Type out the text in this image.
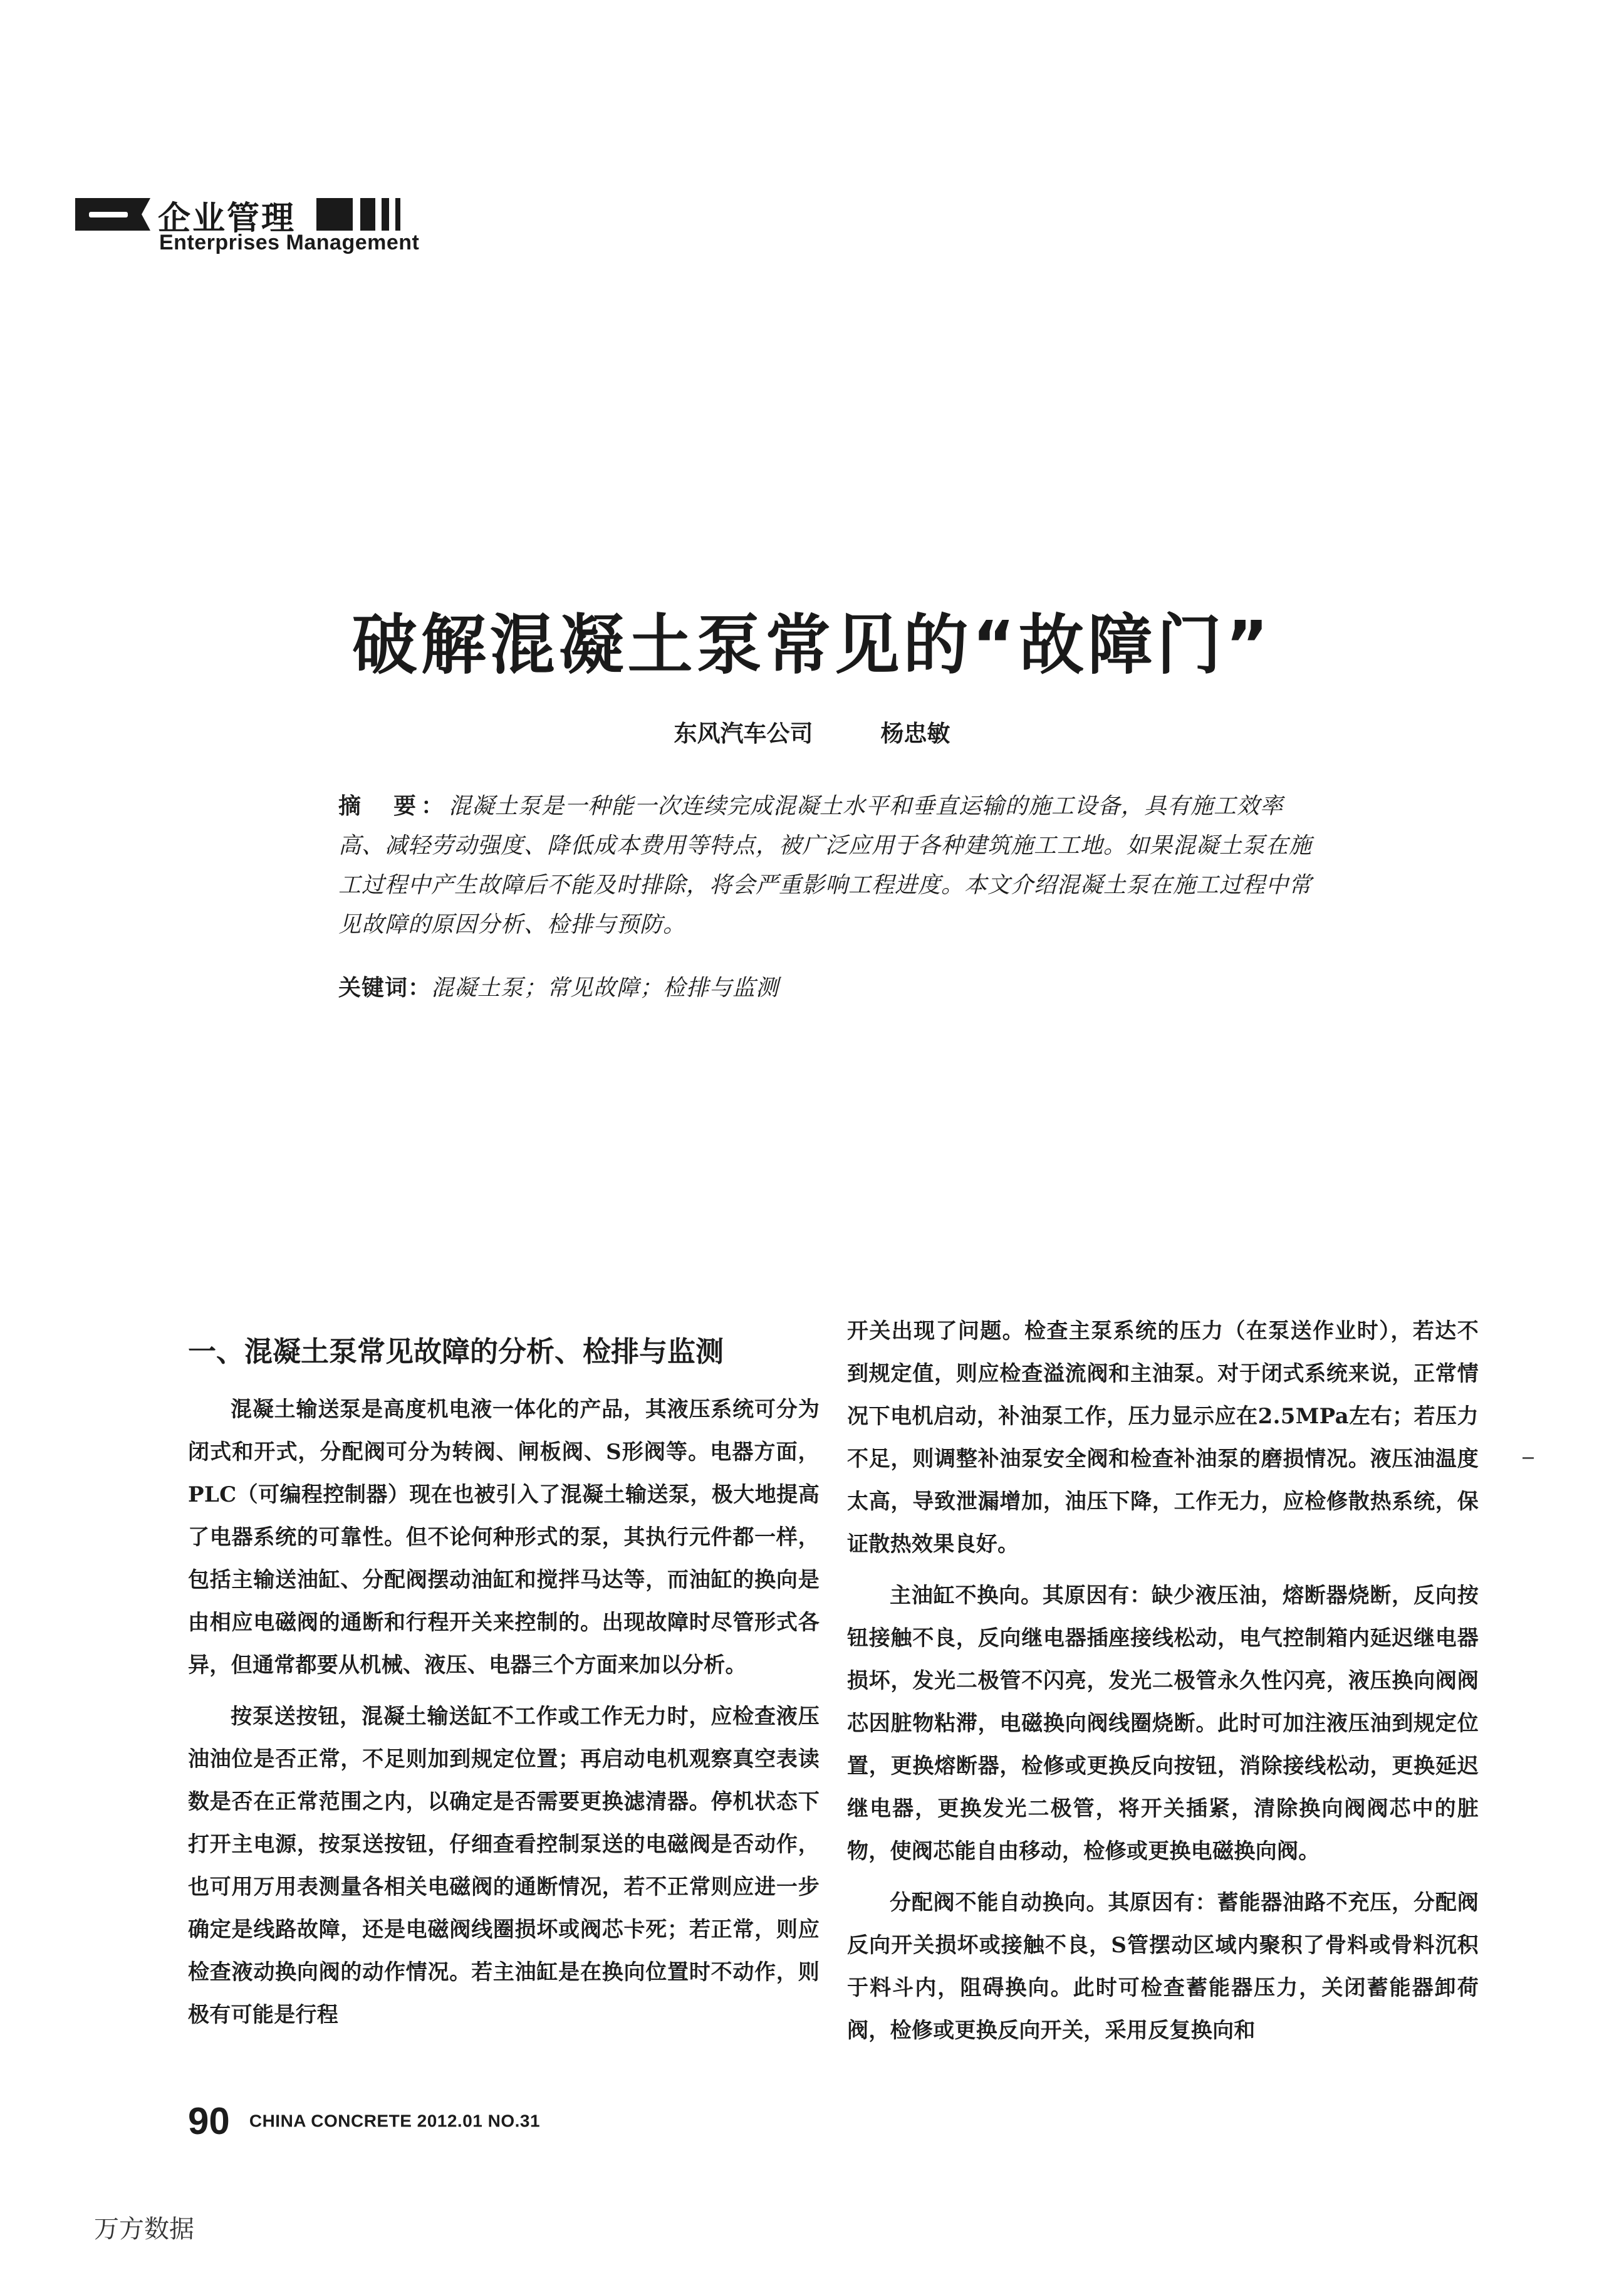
企业管理
Enterprises Management
破解混凝土泵常见的“故障门”
东风汽车公司	杨忠敏
摘　要：混凝土泵是一种能一次连续完成混凝土水平和垂直运输的施工设备，具有施工效率高、减轻劳动强度、降低成本费用等特点，被广泛应用于各种建筑施工工地。如果混凝土泵在施工过程中产生故障后不能及时排除，将会严重影响工程进度。本文介绍混凝土泵在施工过程中常见故障的原因分析、检排与预防。
关键词：混凝土泵；常见故障；检排与监测
一、混凝土泵常见故障的分析、检排与监测

混凝土输送泵是高度机电液一体化的产品，其液压系统可分为闭式和开式，分配阀可分为转阀、闸板阀、S形阀等。电器方面，PLC（可编程控制器）现在也被引入了混凝土输送泵，极大地提高了电器系统的可靠性。但不论何种形式的泵，其执行元件都一样，包括主输送油缸、分配阀摆动油缸和搅拌马达等，而油缸的换向是由相应电磁阀的通断和行程开关来控制的。出现故障时尽管形式各异，但通常都要从机械、液压、电器三个方面来加以分析。

按泵送按钮，混凝土输送缸不工作或工作无力时，应检查液压油油位是否正常，不足则加到规定位置；再启动电机观察真空表读数是否在正常范围之内，以确定是否需要更换滤清器。停机状态下打开主电源，按泵送按钮，仔细查看控制泵送的电磁阀是否动作，也可用万用表测量各相关电磁阀的通断情况，若不正常则应进一步确定是线路故障，还是电磁阀线圈损坏或阀芯卡死；若正常，则应检查液动换向阀的动作情况。若主油缸是在换向位置时不动作，则极有可能是行程

开关出现了问题。检查主泵系统的压力（在泵送作业时），若达不到规定值，则应检查溢流阀和主油泵。对于闭式系统来说，正常情况下电机启动，补油泵工作，压力显示应在2.5MPa左右；若压力不足，则调整补油泵安全阀和检查补油泵的磨损情况。液压油温度太高，导致泄漏增加，油压下降，工作无力，应检修散热系统，保证散热效果良好。

主油缸不换向。其原因有：缺少液压油，熔断器烧断，反向按钮接触不良，反向继电器插座接线松动，电气控制箱内延迟继电器损坏，发光二极管不闪亮，发光二极管永久性闪亮，液压换向阀阀芯因脏物粘滞，电磁换向阀线圈烧断。此时可加注液压油到规定位置，更换熔断器，检修或更换反向按钮，消除接线松动，更换延迟继电器，更换发光二极管，将开关插紧，清除换向阀阀芯中的脏物，使阀芯能自由移动，检修或更换电磁换向阀。

分配阀不能自动换向。其原因有：蓄能器油路不充压，分配阀反向开关损坏或接触不良，S管摆动区域内聚积了骨料或骨料沉积于料斗内，阻碍换向。此时可检查蓄能器压力，关闭蓄能器卸荷阀，检修或更换反向开关，采用反复换向和

90 CHINA CONCRETE 2012.01 NO.31
万方数据
